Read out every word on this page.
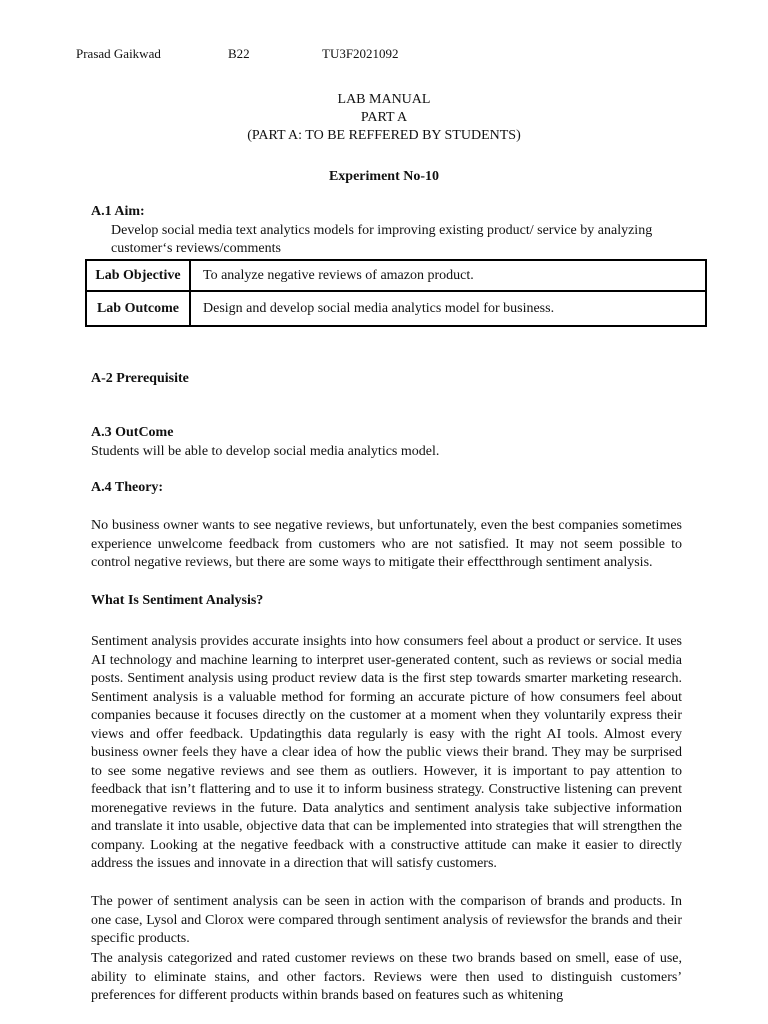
Prasad Gaikwad	B22	TU3F2021092
LAB MANUAL
PART A
(PART A: TO BE REFFERED BY STUDENTS)
Experiment No-10
A.1 Aim:
Develop social media text analytics models for improving existing product/ service by analyzing customer‘s reviews/comments
Lab Objective	To analyze negative reviews of amazon product.
Lab Outcome	Design and develop social media analytics model for business.
A-2 Prerequisite
A.3 OutCome
Students will be able to develop social media analytics model.
A.4 Theory:
No business owner wants to see negative reviews, but unfortunately, even the best companies sometimes experience unwelcome feedback from customers who are not satisfied. It may not seem possible to control negative reviews, but there are some ways to mitigate their effectthrough sentiment analysis.
What Is Sentiment Analysis?
Sentiment analysis provides accurate insights into how consumers feel about a product or service. It uses AI technology and machine learning to interpret user-generated content, such as reviews or social media posts. Sentiment analysis using product review data is the first step towards smarter marketing research. Sentiment analysis is a valuable method for forming an accurate picture of how consumers feel about companies because it focuses directly on the customer at a moment when they voluntarily express their views and offer feedback. Updatingthis data regularly is easy with the right AI tools. Almost every business owner feels they have a clear idea of how the public views their brand. They may be surprised to see some negative reviews and see them as outliers. However, it is important to pay attention to feedback that isn’t flattering and to use it to inform business strategy. Constructive listening can prevent morenegative reviews in the future. Data analytics and sentiment analysis take subjective information and translate it into usable, objective data that can be implemented into strategies that will strengthen the company. Looking at the negative feedback with a constructive attitude can make it easier to directly address the issues and innovate in a direction that will satisfy customers.
The power of sentiment analysis can be seen in action with the comparison of brands and products. In one case, Lysol and Clorox were compared through sentiment analysis of reviewsfor the brands and their specific products.
The analysis categorized and rated customer reviews on these two brands based on smell, ease of use, ability to eliminate stains, and other factors. Reviews were then used to distinguish customers’ preferences for different products within brands based on features such as whitening
